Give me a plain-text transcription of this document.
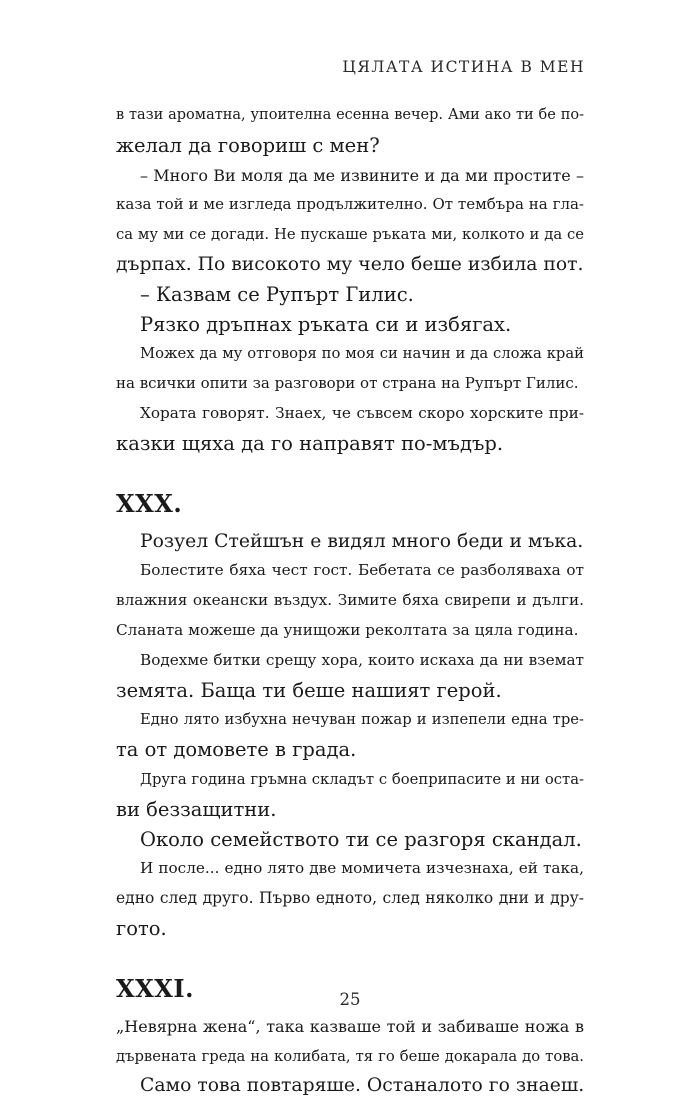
ЦЯЛАТА ИСТИНА В МЕН
в тази ароматна, упоителна есенна вечер. Ами ако ти бе по-
желал да говориш с мен?
– Много Ви моля да ме извините и да ми простите –
каза той и ме изгледа продължително. От тембъра на гла-
са му ми се догади. Не пускаше ръката ми, колкото и да се
дърпах. По високото му чело беше избила пот.
– Казвам се Рупърт Гилис.
Рязко дръпнах ръката си и избягах.
Можех да му отговоря по моя си начин и да сложа край
на всички опити за разговори от страна на Рупърт Гилис.
Хората говорят. Знаех, че съвсем скоро хорските при-
казки щяха да го направят по-мъдър.
XXX.
Розуел Стейшън е видял много беди и мъка.
Болестите бяха чест гост. Бебетата се разболяваха от
влажния океански въздух. Зимите бяха свирепи и дълги.
Сланата можеше да унищожи реколтата за цяла година.
Водехме битки срещу хора, които искаха да ни вземат
земята. Баща ти беше нашият герой.
Едно лято избухна нечуван пожар и изпепели една тре-
та от домовете в града.
Друга година гръмна складът с боеприпасите и ни оста-
ви беззащитни.
Около семейството ти се разгоря скандал.
И после... едно лято две момичета изчезнаха, ей така,
едно след друго. Първо едното, след няколко дни и дру-
гото.
XXXI.
„Невярна жена“, така казваше той и забиваше ножа в
дървената греда на колибата, тя го беше докарала до това.
Само това повтаряше. Останалото го знаеш.
25
